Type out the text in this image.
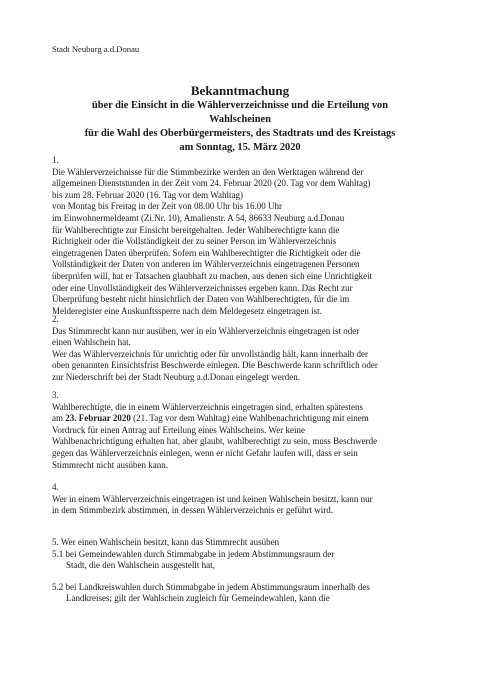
Stadt Neuburg a.d.Donau
Bekanntmachung
über die Einsicht in die Wählerverzeichnisse und die Erteilung von
Wahlscheinen
für die Wahl des Oberbürgermeisters, des Stadtrats und des Kreistags
am Sonntag, 15. März 2020
1.
Die Wählerverzeichnisse für die Stimmbezirke werden an den Werktagen während der
allgemeinen Dienststunden in der Zeit vom 24. Februar 2020 (20. Tag vor dem Wahltag)
bis zum 28. Februar 2020 (16. Tag vor dem Wahltag)
von Montag bis Freitag in der Zeit von 08.00 Uhr bis 16.00 Uhr
im Einwohnermeldeamt (Zi.Nr. 10), Amalienstr. A 54, 86633 Neuburg a.d.Donau
für Wahlberechtigte zur Einsicht bereitgehalten. Jeder Wahlberechtigte kann die
Richtigkeit oder die Vollständigkeit der zu seiner Person im Wählerverzeichnis
eingetragenen Daten überprüfen. Sofern ein Wahlberechtigter die Richtigkeit oder die
Vollständigkeit der Daten von anderen im Wählerverzeichnis eingetragenen Personen
überprüfen will, hat er Tatsachen glaubhaft zu machen, aus denen sich eine Unrichtigkeit
oder eine Unvollständigkeit des Wählerverzeichnisses ergeben kann. Das Recht zur
Überprüfung besteht nicht hinsichtlich der Daten von Wahlberechtigten, für die im
Melderegister eine Auskunftssperre nach dem Meldegesetz eingetragen ist.
2.
Das Stimmrecht kann nur ausüben, wer in ein Wählerverzeichnis eingetragen ist oder
einen Wahlschein hat.
Wer das Wählerverzeichnis für unrichtig oder für unvollständig hält, kann innerhalb der
oben genannten Einsichtsfrist Beschwerde einlegen. Die Beschwerde kann schriftlich oder
zur Niederschrift bei der Stadt Neuburg a.d.Donau eingelegt werden.
3.
Wahlberechtigte, die in einem Wählerverzeichnis eingetragen sind, erhalten spätestens
am 23. Februar 2020 (21. Tag vor dem Wahltag) eine Wahlbenachrichtigung mit einem
Vordruck für einen Antrag auf Erteilung eines Wahlscheins. Wer keine
Wahlbenachrichtigung erhalten hat, aber glaubt, wahlberechtigt zu sein, muss Beschwerde
gegen das Wählerverzeichnis einlegen, wenn er nicht Gefahr laufen will, dass er sein
Stimmrecht nicht ausüben kann.
4.
Wer in einem Wählerverzeichnis eingetragen ist und keinen Wahlschein besitzt, kann nur
in dem Stimmbezirk abstimmen, in dessen Wählerverzeichnis er geführt wird.
5. Wer einen Wahlschein besitzt, kann das Stimmrecht ausüben
5.1 bei Gemeindewahlen durch Stimmabgabe in jedem Abstimmungsraum der
Stadt, die den Wahlschein ausgestellt hat,
5.2 bei Landkreiswahlen durch Stimmabgabe in jedem Abstimmungsraum innerhalb des
Landkreises; gilt der Wahlschein zugleich für Gemeindewahlen, kann die
